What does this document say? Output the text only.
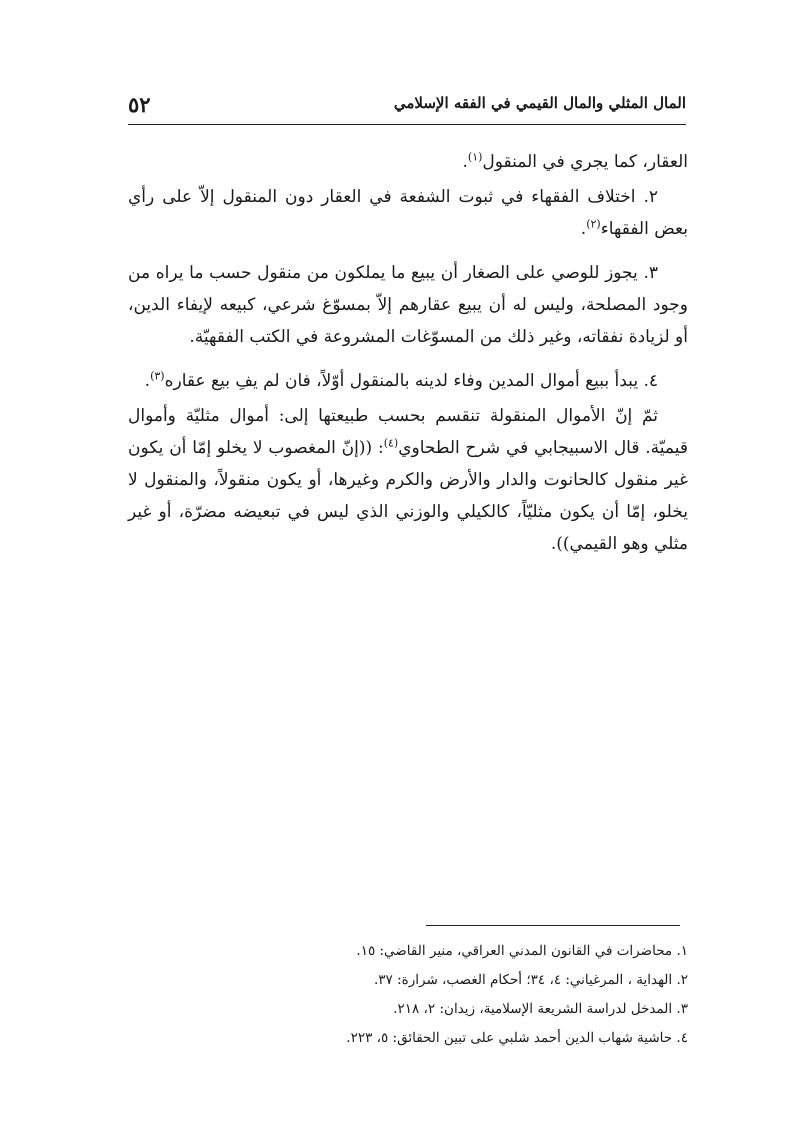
المال المثلي والمال القيمي في الفقه الإسلامي
٥٢

العقار، كما يجري في المنقول$^{(١)}$.

٢. اختلاف الفقهاء في ثبوت الشفعة في العقار دون المنقول إلاّ على رأي بعض الفقهاء$^{(٢)}$.

٣. يجوز للوصي على الصغار أن يبيع ما يملكون من منقول حسب ما يراه من وجود المصلحة، وليس له أن يبيع عقارهم إلاّ بمسوّغ شرعي، كبيعه لإيفاء الدين، أو لزيادة نفقاته، وغير ذلك من المسوّغات المشروعة في الكتب الفقهيّة.

٤. يبدأ ببيع أموال المدين وفاء لدينه بالمنقول أوّلاً، فان لم يفِ بيع عقاره$^{(٣)}$.

ثمّ إنّ الأموال المنقولة تنقسم بحسب طبيعتها إلى: أموال مثليّة وأموال قيميّة. قال الاسبيجابي في شرح الطحاوي$^{(٤)}$: ((إنّ المغصوب لا يخلو إمّا أن يكون غير منقول كالحانوت والدار والأرض والكرم وغيرها، أو يكون منقولاً، والمنقول لا يخلو، إمّا أن يكون مثليّاً، كالكيلي والوزني الذي ليس في تبعيضه مضرّة، أو غير مثلي وهو القيمي)).

١. محاضرات في القانون المدني العراقي، منير القاضي: ١٥.
٢. الهداية ، المرغياني: ٤، ٣٤؛ أحكام الغصب، شرارة: ٣٧.
٣. المدخل لدراسة الشريعة الإسلامية، زيدان: ٢، ٢١٨.
٤. حاشية شهاب الدين أحمد شلبي على تبين الحقائق: ٥، ٢٢٣.
